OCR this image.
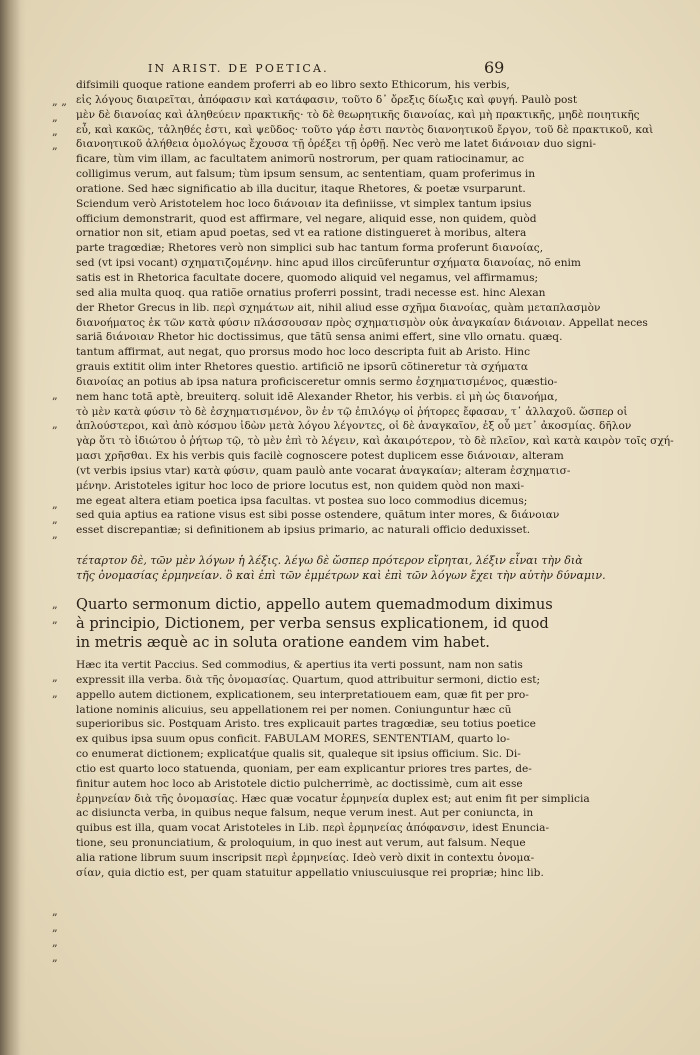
IN ARIST. DE POETICA.	69
„ „
„
„
„
„
„
„
„
„
„
„
„
„
„
„
„
„
difsimili quoque ratione eandem proferri ab eo libro sexto Ethicorum, his verbis,
εἰς λόγους διαιρεῖται, ἀπόφασιν καὶ κατάφασιν, τοῦτο δ᾽ ὄρεξις δίωξις καὶ φυγή. Paulò post
μὲν δὲ διανοίας καὶ ἀληθεύειν πρακτικῆς· τὸ δὲ θεωρητικῆς διανοίας, καὶ μὴ πρακτικῆς, μηδὲ ποιητικῆς
εὖ, καὶ κακῶς, τἀληθές ἐστι, καὶ ψεῦδος· τοῦτο γάρ ἐστι παντὸς διανοητικοῦ ἔργον, τοῦ δὲ πρακτικοῦ, καὶ
διανοητικοῦ ἀλήθεια ὁμολόγως ἔχουσα τῇ ὀρέξει τῇ ὀρθῇ. Nec verò me latet διάνοιαν duo signi-
ficare, tùm vim illam, ac facultatem animorũ nostrorum, per quam ratiocinamur, ac
colligimus verum, aut falsum; tùm ipsum sensum, ac sententiam, quam proferimus in
oratione. Sed hæc significatio ab illa ducitur, itaque Rhetores, & poetæ vsurparunt.
Sciendum verò Aristotelem hoc loco διάνοιαν ita definiisse, vt simplex tantum ipsius
officium demonstrarit, quod est affirmare, vel negare, aliquid esse, non quidem, quòd
ornatior non sit, etiam apud poetas, sed vt ea ratione distingueret à moribus, altera
parte tragœdiæ; Rhetores verò non simplici sub hac tantum forma proferunt διανοίας,
sed (vt ipsi vocant) σχηματιζομένην. hinc apud illos circũferuntur σχήματα διανοίας, nõ enim
satis est in Rhetorica facultate docere, quomodo aliquid vel negamus, vel affirmamus;
sed alia multa quoq. qua ratiõe ornatius proferri possint, tradi necesse est. hinc Alexan
der Rhetor Grecus in lib. περὶ σχημάτων ait, nihil aliud esse σχῆμα διανοίας, quàm μεταπλασμὸν
διανοήματος ἐκ τῶν κατὰ φύσιν πλάσσουσαν πρὸς σχηματισμὸν οὐκ ἀναγκαίαν διάνοιαν. Appellat neces
sariã διάνοιαν Rhetor hic doctissimus, que tãtũ sensa animi effert, sine vllo ornatu. quæq.
tantum affirmat, aut negat, quo prorsus modo hoc loco descripta fuit ab Aristo. Hinc
grauis extitit olim inter Rhetores questio. artificiõ ne ipsorũ cõtineretur τὰ σχήματα
διανοίας an potius ab ipsa natura proficisceretur omnis sermo ἐσχηματισμένος, quæstio-
nem hanc totã aptè, breuiterq. soluit idẽ Alexander Rhetor, his verbis. εἰ μὴ ὡς διανοήμα,
τὸ μὲν κατὰ φύσιν τὸ δὲ ἐσχηματισμένον, ὃν ἐν τῷ ἐπιλόγῳ οἱ ῥήτορες ἔφασαν, τ᾽ ἀλλαχοῦ. ὥσπερ οἱ
ἀπλούστεροι, καὶ ἀπὸ κόσμου ἰδὼν μετὰ λόγου λέγοντες, οἱ δὲ ἀναγκαῖον, ἐξ οὗ μετ᾽ ἀκοσμίας. δῆλον
γὰρ ὅτι τὸ ἰδιώτου ὁ ῥήτωρ τῷ, τὸ μὲν ἐπὶ τὸ λέγειν, καὶ ἀκαιρότερον, τὸ δὲ πλεῖον, καὶ κατὰ καιρὸν τοῖς σχή-
μασι χρῆσθαι. Ex his verbis quis facilè cognoscere potest duplicem esse διάνοιαν, alteram
(vt verbis ipsius vtar) κατὰ φύσιν, quam paulò ante vocarat ἀναγκαίαν; alteram ἐσχηματισ-
μένην. Aristoteles igitur hoc loco de priore locutus est, non quidem quòd non maxi-
me egeat altera etiam poetica ipsa facultas. vt postea suo loco commodius dicemus;
sed quia aptius ea ratione visus est sibi posse ostendere, quãtum inter mores, & διάνοιαν
esset discrepantiæ; si definitionem ab ipsius primario, ac naturali officio deduxisset.
τέταρτον δὲ, τῶν μὲν λόγων ἡ λέξις. λέγω δὲ ὥσπερ πρότερον εἴρηται, λέξιν εἶναι τὴν διὰ
τῆς ὀνομασίας ἑρμηνείαν. ὃ καὶ ἐπὶ τῶν ἐμμέτρων καὶ ἐπὶ τῶν λόγων ἔχει τὴν αὐτὴν δύναμιν.
Quarto sermonum dictio, appello autem quemadmodum diximus
à principio, Dictionem, per verba sensus explicationem, id quod
in metris æquè ac in soluta oratione eandem vim habet.
Hæc ita vertit Paccius. Sed commodius, & apertius ita verti possunt, nam non satis
expressit illa verba. διὰ τῆς ὀνομασίας. Quartum, quod attribuitur sermoni, dictio est;
appello autem dictionem, explicationem, seu interpretatiouem eam, quæ fit per pro-
latione nominis alicuius, seu appellationem rei per nomen. Coniunguntur hæc cũ
superioribus sic. Postquam Aristo. tres explicauit partes tragœdiæ, seu totius poetice
ex quibus ipsa suum opus conficit. FABULAM MORES, SENTENTIAM, quarto lo-
co enumerat dictionem; explicatq́ue qualis sit, qualeque sit ipsius officium. Sic. Di-
ctio est quarto loco statuenda, quoniam, per eam explicantur priores tres partes, de-
finitur autem hoc loco ab Aristotele dictio pulcherrimè, ac doctissimè, cum ait esse
ἑρμηνείαν διὰ τῆς ὀνομασίας. Hæc quæ vocatur ἑρμηνεία duplex est; aut enim fit per simplicia
ac disiuncta verba, in quibus neque falsum, neque verum inest. Aut per coniuncta, in
quibus est illa, quam vocat Aristoteles in Lib. περὶ ἑρμηνείας ἀπόφανσιν, idest Enuncia-
tione, seu pronunciatium, & proloquium, in quo inest aut verum, aut falsum. Neque
alia ratione librum suum inscripsit περὶ ἑρμηνείας. Ideò verò dixit in contextu ὀνομα-
σίαν, quia dictio est, per quam statuitur appellatio vniuscuiusque rei propriæ; hinc lib.
